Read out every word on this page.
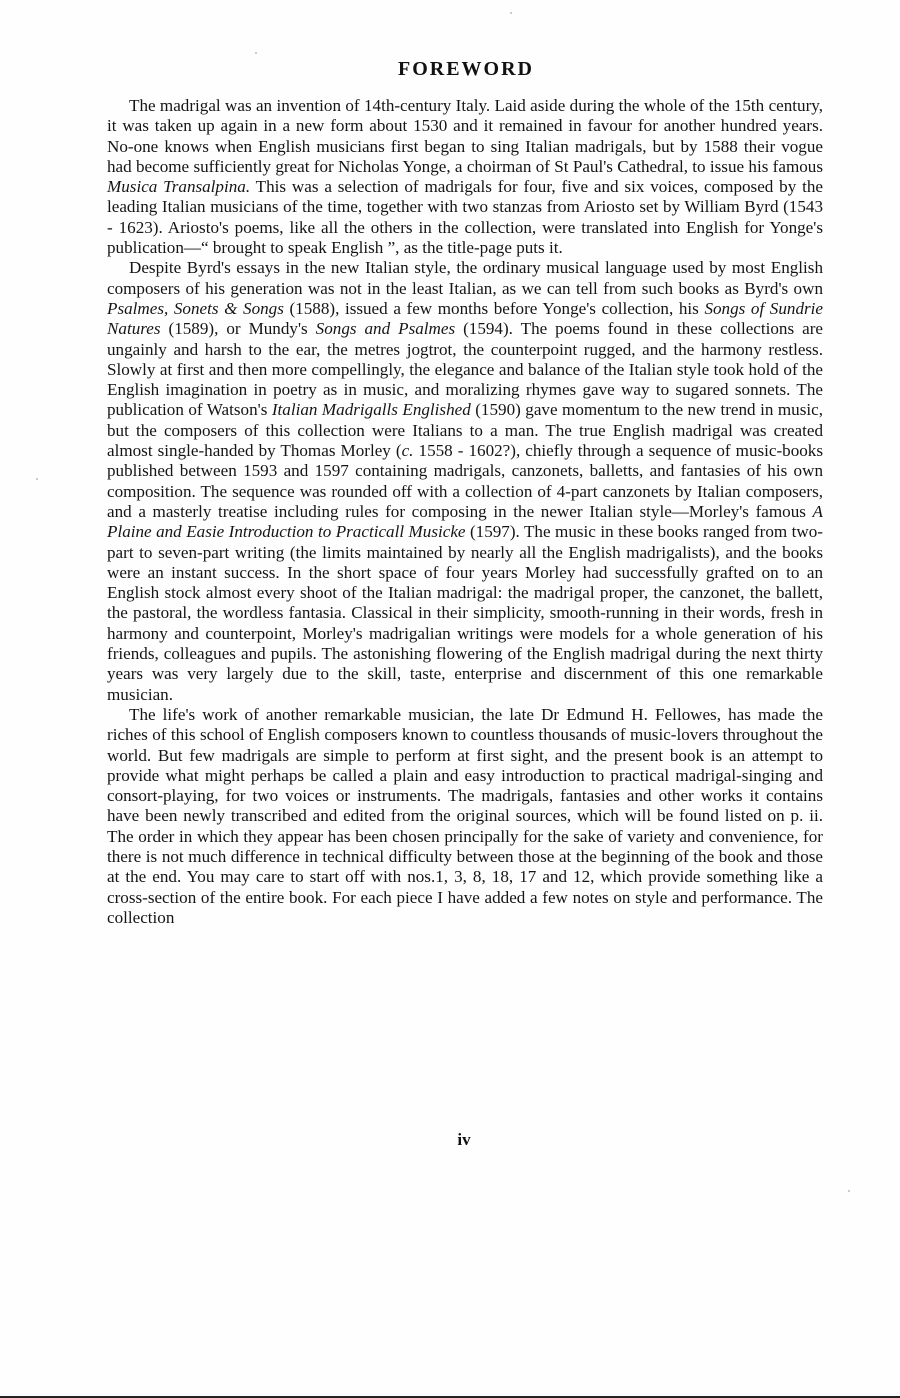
FOREWORD

The madrigal was an invention of 14th-century Italy. Laid aside during the whole of the 15th century, it was taken up again in a new form about 1530 and it remained in favour for another hundred years. No-one knows when English musicians first began to sing Italian madrigals, but by 1588 their vogue had become sufficiently great for Nicholas Yonge, a choirman of St Paul's Cathedral, to issue his famous Musica Transalpina. This was a selection of madrigals for four, five and six voices, composed by the leading Italian musicians of the time, together with two stanzas from Ariosto set by William Byrd (1543 - 1623). Ariosto's poems, like all the others in the collection, were translated into English for Yonge's publication—“ brought to speak English ”, as the title-page puts it.

Despite Byrd's essays in the new Italian style, the ordinary musical language used by most English composers of his generation was not in the least Italian, as we can tell from such books as Byrd's own Psalmes, Sonets & Songs (1588), issued a few months before Yonge's collection, his Songs of Sundrie Natures (1589), or Mundy's Songs and Psalmes (1594). The poems found in these collections are ungainly and harsh to the ear, the metres jogtrot, the counterpoint rugged, and the harmony restless. Slowly at first and then more compellingly, the elegance and balance of the Italian style took hold of the English imagination in poetry as in music, and moralizing rhymes gave way to sugared sonnets. The publication of Watson's Italian Madrigalls Englished (1590) gave momentum to the new trend in music, but the composers of this collection were Italians to a man. The true English madrigal was created almost single-handed by Thomas Morley (c. 1558 - 1602?), chiefly through a sequence of music-books published between 1593 and 1597 containing madrigals, canzonets, balletts, and fantasies of his own composition. The sequence was rounded off with a collection of 4-part canzonets by Italian composers, and a masterly treatise including rules for composing in the newer Italian style—Morley's famous A Plaine and Easie Introduction to Practicall Musicke (1597). The music in these books ranged from two-part to seven-part writing (the limits maintained by nearly all the English madrigalists), and the books were an instant success. In the short space of four years Morley had successfully grafted on to an English stock almost every shoot of the Italian madrigal: the madrigal proper, the canzonet, the ballett, the pastoral, the wordless fantasia. Classical in their simplicity, smooth-running in their words, fresh in harmony and counterpoint, Morley's madrigalian writings were models for a whole generation of his friends, colleagues and pupils. The astonishing flowering of the English madrigal during the next thirty years was very largely due to the skill, taste, enterprise and discernment of this one remarkable musician.

The life's work of another remarkable musician, the late Dr Edmund H. Fellowes, has made the riches of this school of English composers known to countless thousands of music-lovers throughout the world. But few madrigals are simple to perform at first sight, and the present book is an attempt to provide what might perhaps be called a plain and easy introduction to practical madrigal-singing and consort-playing, for two voices or instruments. The madrigals, fantasies and other works it contains have been newly transcribed and edited from the original sources, which will be found listed on p. ii. The order in which they appear has been chosen principally for the sake of variety and convenience, for there is not much difference in technical difficulty between those at the beginning of the book and those at the end. You may care to start off with nos.1, 3, 8, 18, 17 and 12, which provide something like a cross-section of the entire book. For each piece I have added a few notes on style and performance. The collection

iv
